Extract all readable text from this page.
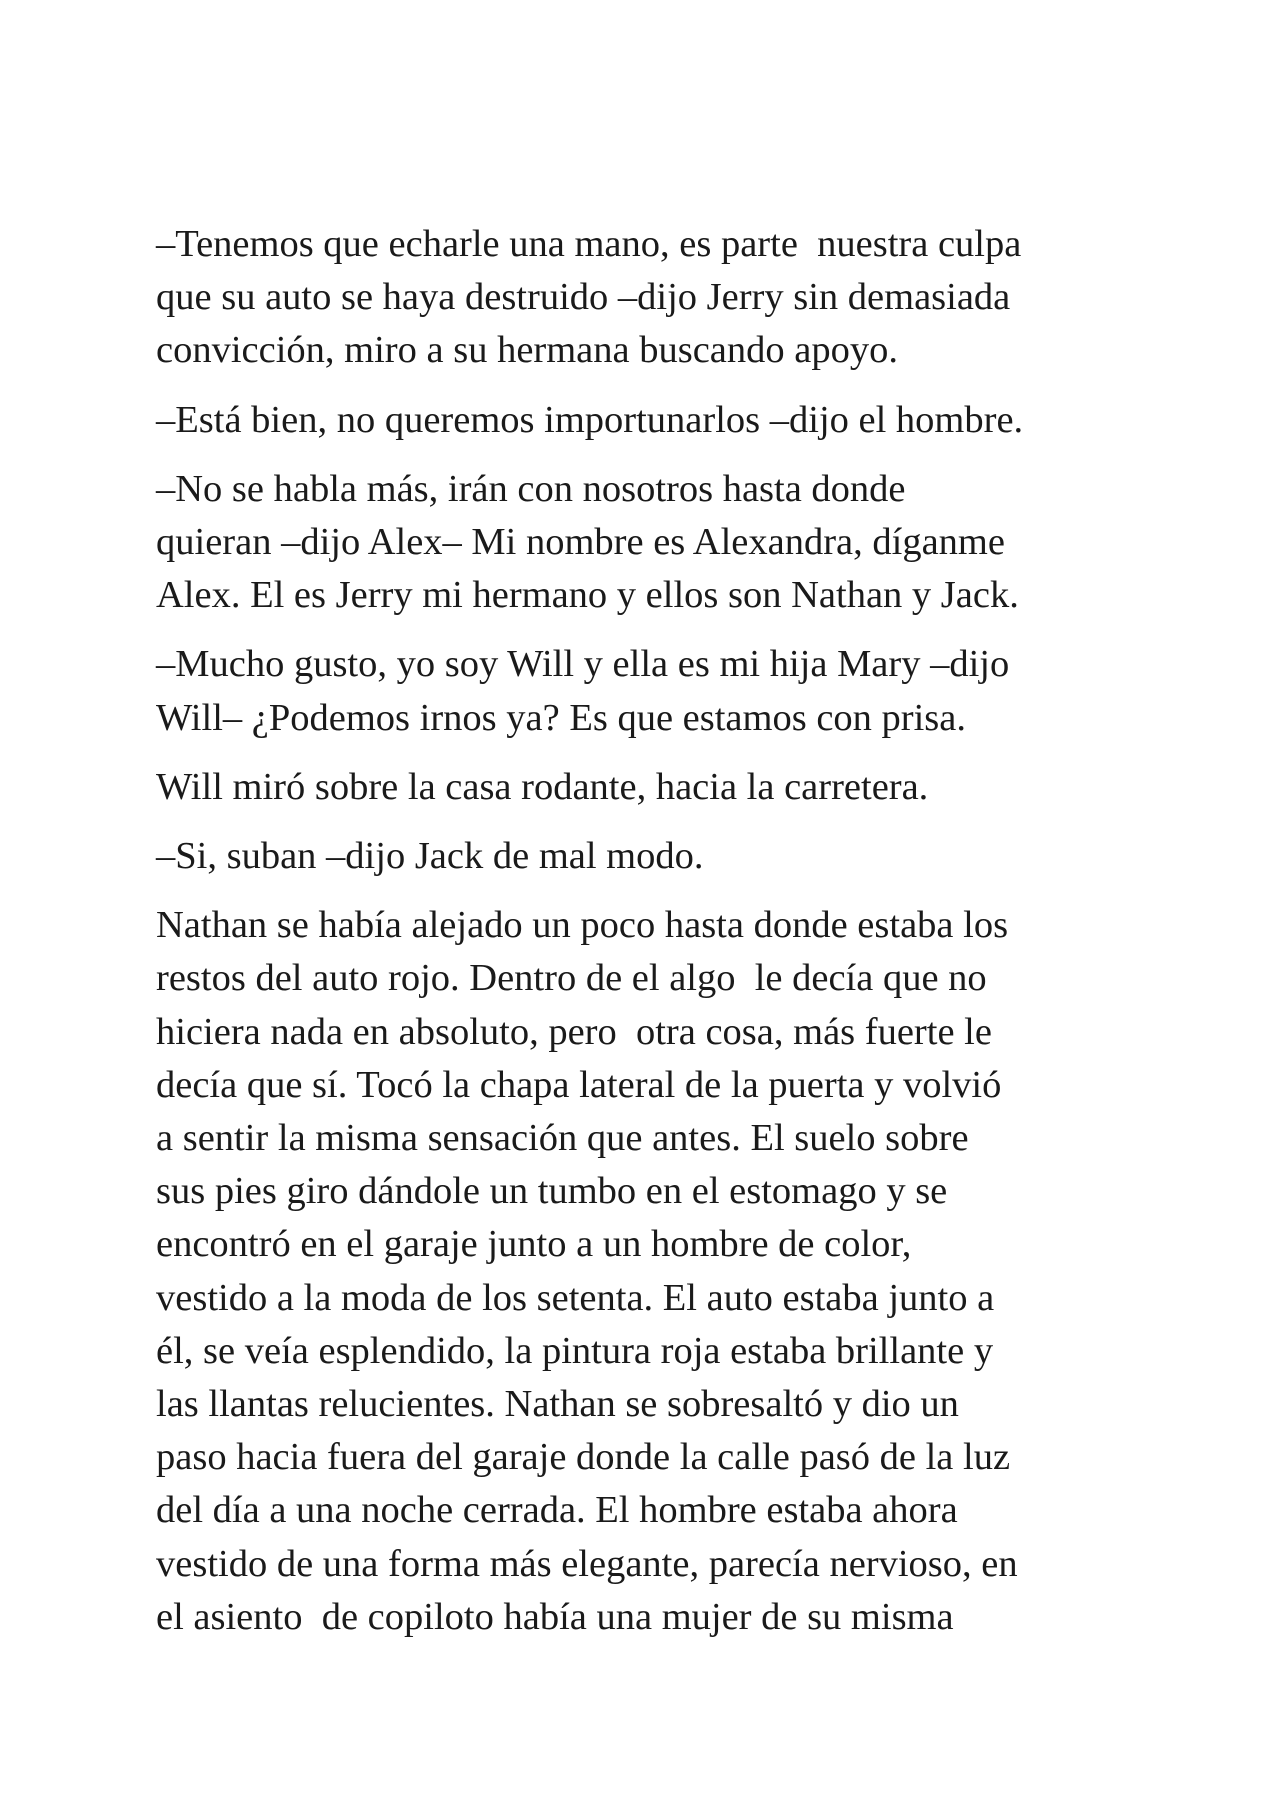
–Tenemos que echarle una mano, es parte  nuestra culpa
que su auto se haya destruido –dijo Jerry sin demasiada
convicción, miro a su hermana buscando apoyo.

–Está bien, no queremos importunarlos –dijo el hombre.

–No se habla más, irán con nosotros hasta donde
quieran –dijo Alex– Mi nombre es Alexandra, díganme
Alex. El es Jerry mi hermano y ellos son Nathan y Jack.

–Mucho gusto, yo soy Will y ella es mi hija Mary –dijo
Will– ¿Podemos irnos ya? Es que estamos con prisa.

Will miró sobre la casa rodante, hacia la carretera.

–Si, suban –dijo Jack de mal modo.

Nathan se había alejado un poco hasta donde estaba los
restos del auto rojo. Dentro de el algo  le decía que no
hiciera nada en absoluto, pero  otra cosa, más fuerte le
decía que sí. Tocó la chapa lateral de la puerta y volvió
a sentir la misma sensación que antes. El suelo sobre
sus pies giro dándole un tumbo en el estomago y se
encontró en el garaje junto a un hombre de color,
vestido a la moda de los setenta. El auto estaba junto a
él, se veía esplendido, la pintura roja estaba brillante y
las llantas relucientes. Nathan se sobresaltó y dio un
paso hacia fuera del garaje donde la calle pasó de la luz
del día a una noche cerrada. El hombre estaba ahora
vestido de una forma más elegante, parecía nervioso, en
el asiento  de copiloto había una mujer de su misma
